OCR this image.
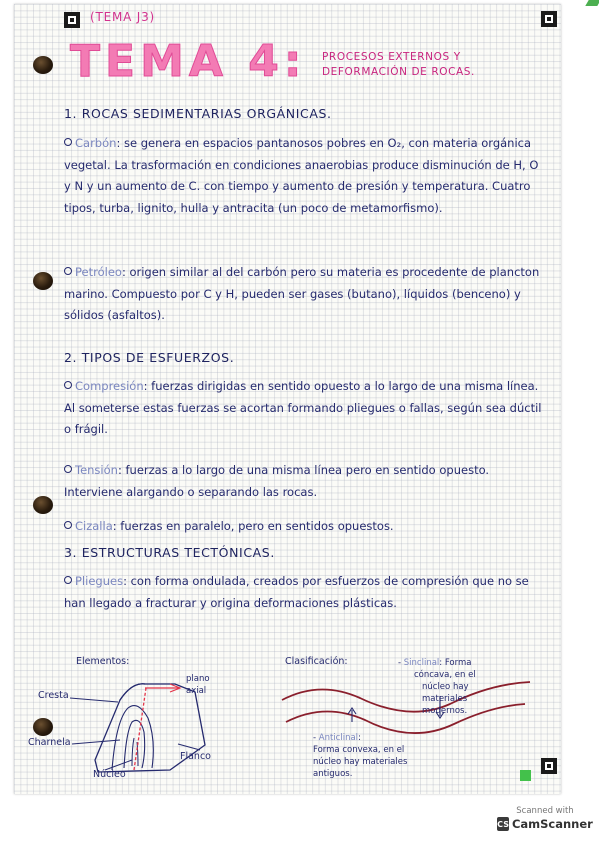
(TEMA J3)
TEMA 4: PROCESOS EXTERNOS Y
DEFORMACIÓN DE ROCAS.
1. ROCAS SEDIMENTARIAS ORGÁNICAS.
Carbón: se genera en espacios pantanosos pobres en O₂, con materia orgánica vegetal. La trasformación en condiciones anaerobias produce disminución de H, O y N y un aumento de C. con tiempo y aumento de presión y temperatura. Cuatro tipos, turba, lignito, hulla y antracita (un poco de metamorfismo).
Petróleo: origen similar al del carbón pero su materia es procedente de plancton marino. Compuesto por C y H, pueden ser gases (butano), líquidos (benceno) y sólidos (asfaltos).
2. TIPOS DE ESFUERZOS.
Compresión: fuerzas dirigidas en sentido opuesto a lo largo de una misma línea. Al someterse estas fuerzas se acortan formando pliegues o fallas, según sea dúctil o frágil.
Tensión: fuerzas a lo largo de una misma línea pero en sentido opuesto. Interviene alargando o separando las rocas.
Cizalla: fuerzas en paralelo, pero en sentidos opuestos.
3. ESTRUCTURAS TECTÓNICAS.
Pliegues: con forma ondulada, creados por esfuerzos de compresión que no se han llegado a fracturar y origina deformaciones plásticas.
Elementos:
Cresta
Charnela
Núcleo
plano
axial
Flanco
Clasificación:	- Sinclinal: Forma
cóncava, en el
núcleo hay
materiales
modernos.
- Anticlinal:
Forma convexa, en el
núcleo hay materiales
antiguos.
Scanned with
CS CamScanner
